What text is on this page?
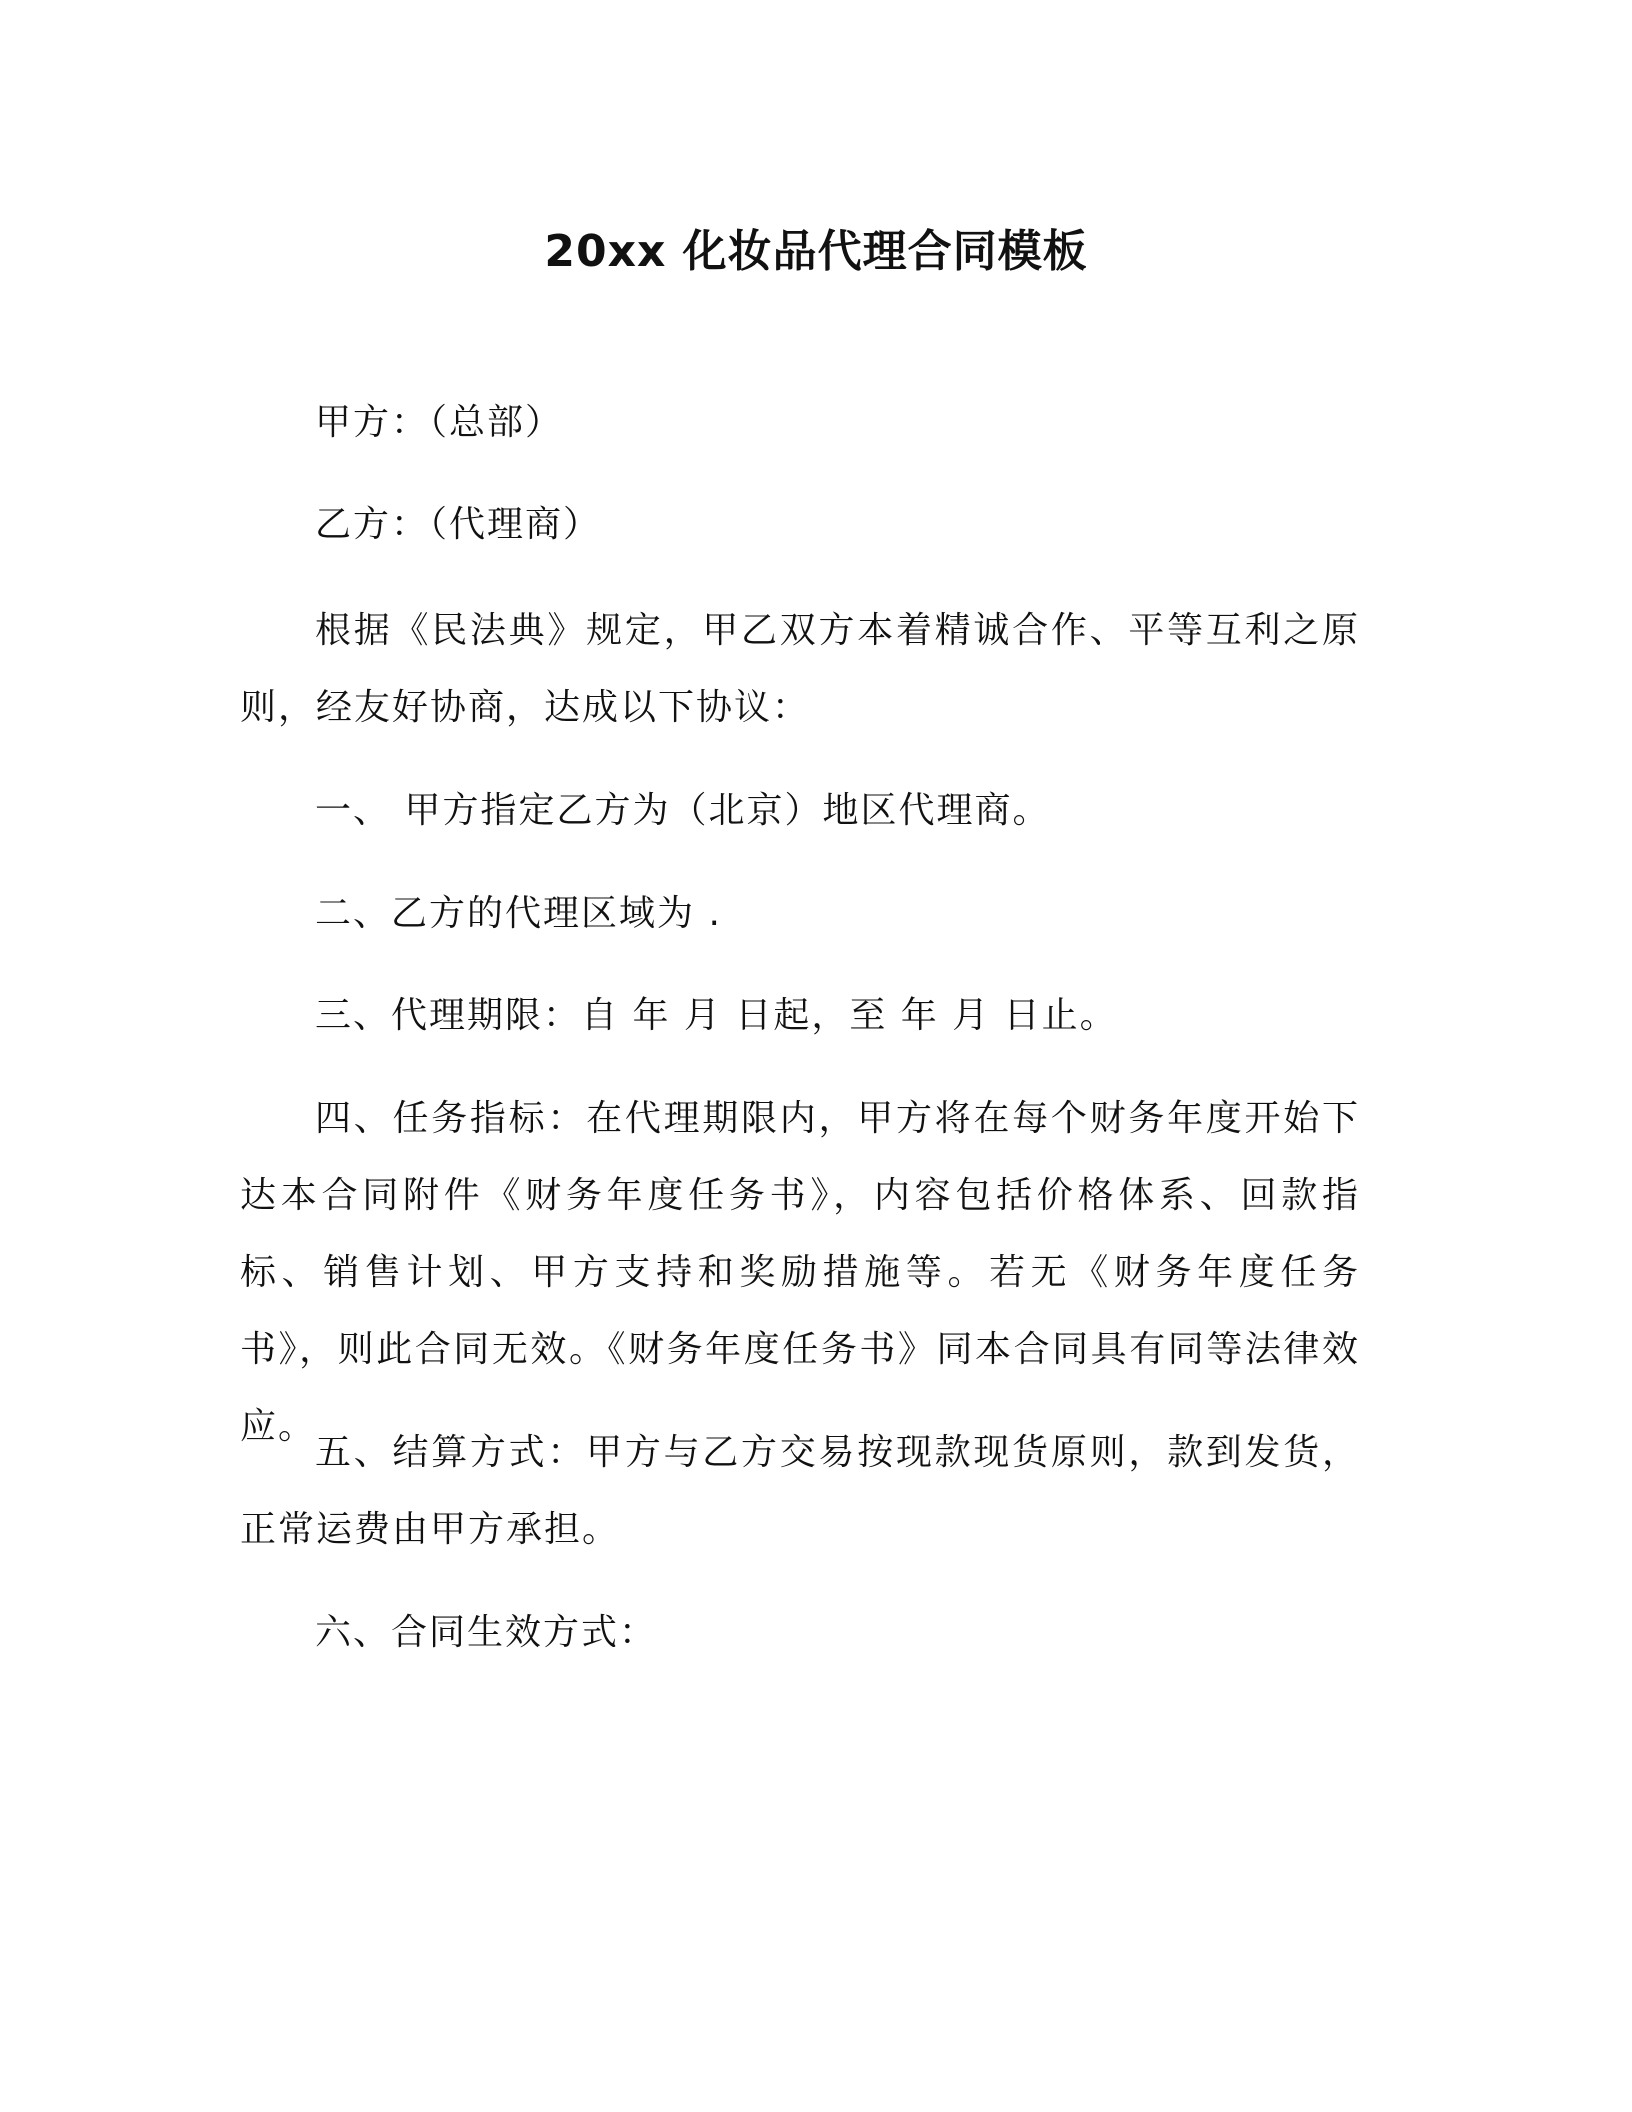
20xx 化妆品代理合同模板

甲方：（总部）

乙方：（代理商）

根据《民法典》规定，甲乙双方本着精诚合作、平等互利之原则，经友好协商，达成以下协议：

一、 甲方指定乙方为（北京）地区代理商。

二、乙方的代理区域为 .

三、代理期限：自 年 月 日起，至 年 月 日止。

四、任务指标：在代理期限内，甲方将在每个财务年度开始下达本合同附件《财务年度任务书》，内容包括价格体系、回款指标、销售计划、甲方支持和奖励措施等。若无《财务年度任务书》，则此合同无效。《财务年度任务书》同本合同具有同等法律效应。

五、结算方式：甲方与乙方交易按现款现货原则，款到发货，正常运费由甲方承担。

六、合同生效方式：
